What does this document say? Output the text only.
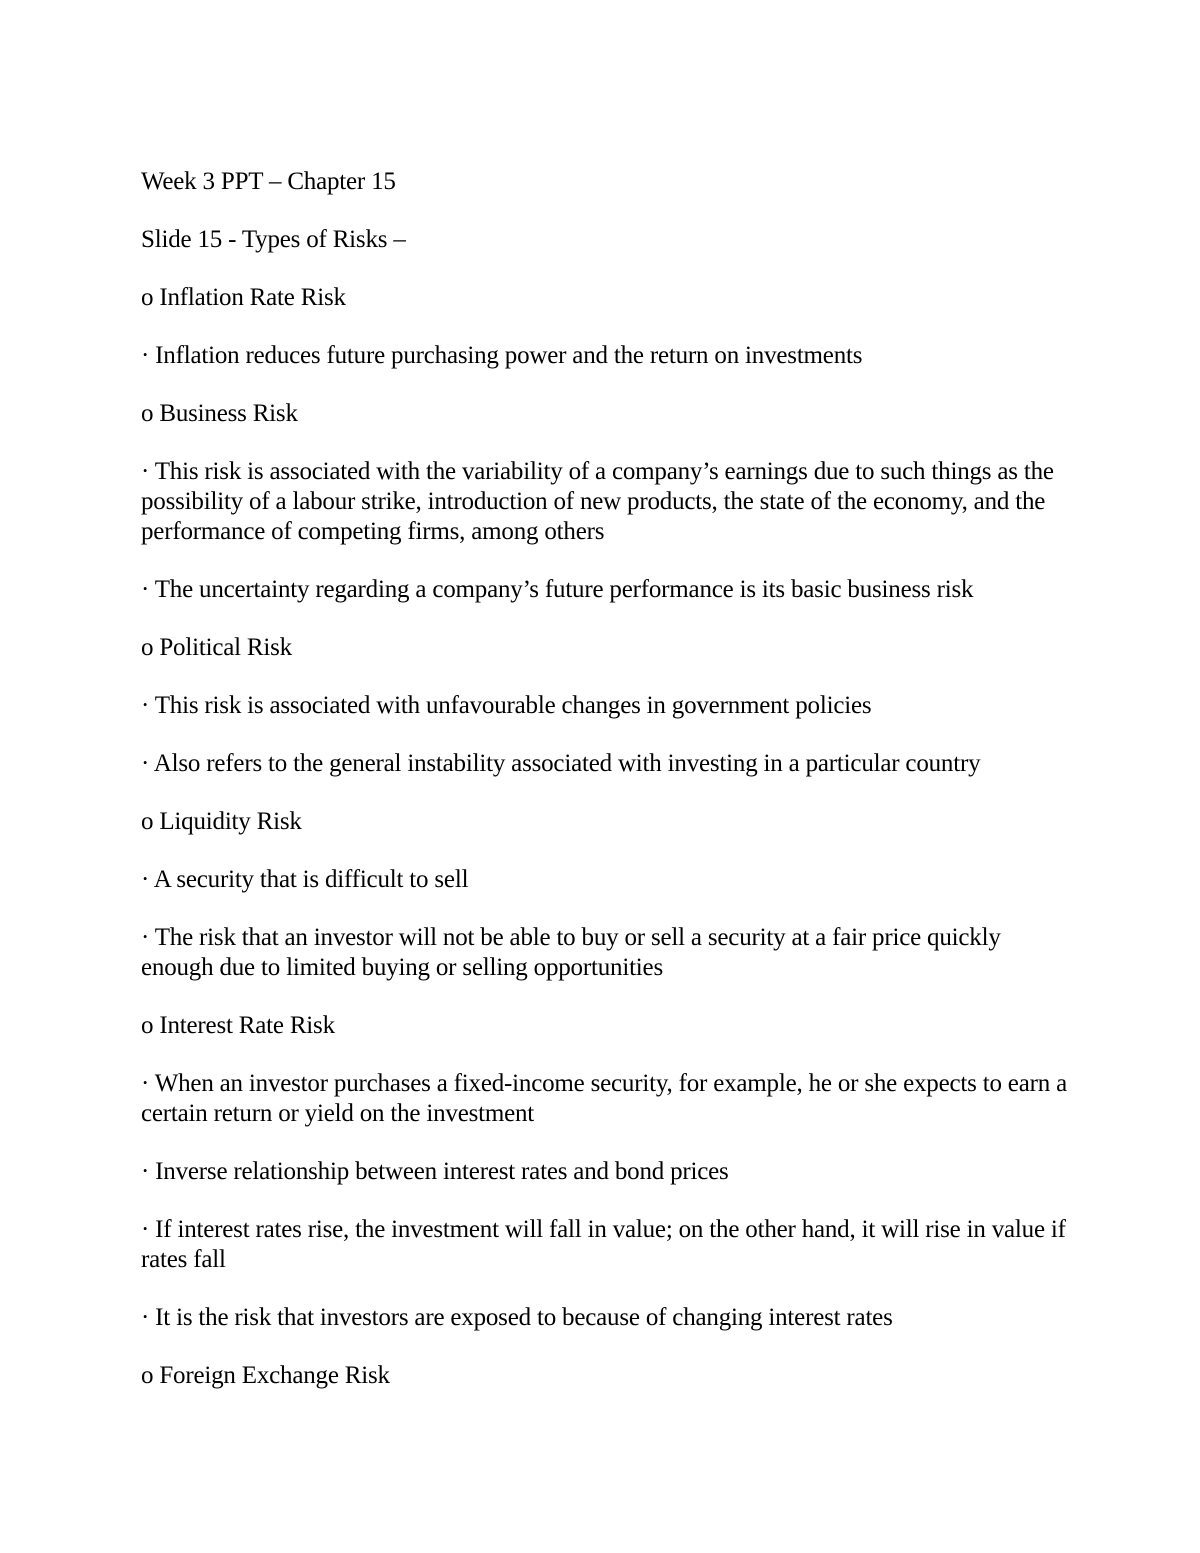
Week 3 PPT – Chapter 15

Slide 15 - Types of Risks –

o Inflation Rate Risk

· Inflation reduces future purchasing power and the return on investments

o Business Risk

· This risk is associated with the variability of a company’s earnings due to such things as the possibility of a labour strike, introduction of new products, the state of the economy, and the performance of competing firms, among others

· The uncertainty regarding a company’s future performance is its basic business risk

o Political Risk

· This risk is associated with unfavourable changes in government policies

· Also refers to the general instability associated with investing in a particular country

o Liquidity Risk

· A security that is difficult to sell

· The risk that an investor will not be able to buy or sell a security at a fair price quickly enough due to limited buying or selling opportunities

o Interest Rate Risk

· When an investor purchases a fixed-income security, for example, he or she expects to earn a certain return or yield on the investment

· Inverse relationship between interest rates and bond prices

· If interest rates rise, the investment will fall in value; on the other hand, it will rise in value if rates fall

· It is the risk that investors are exposed to because of changing interest rates

o Foreign Exchange Risk
